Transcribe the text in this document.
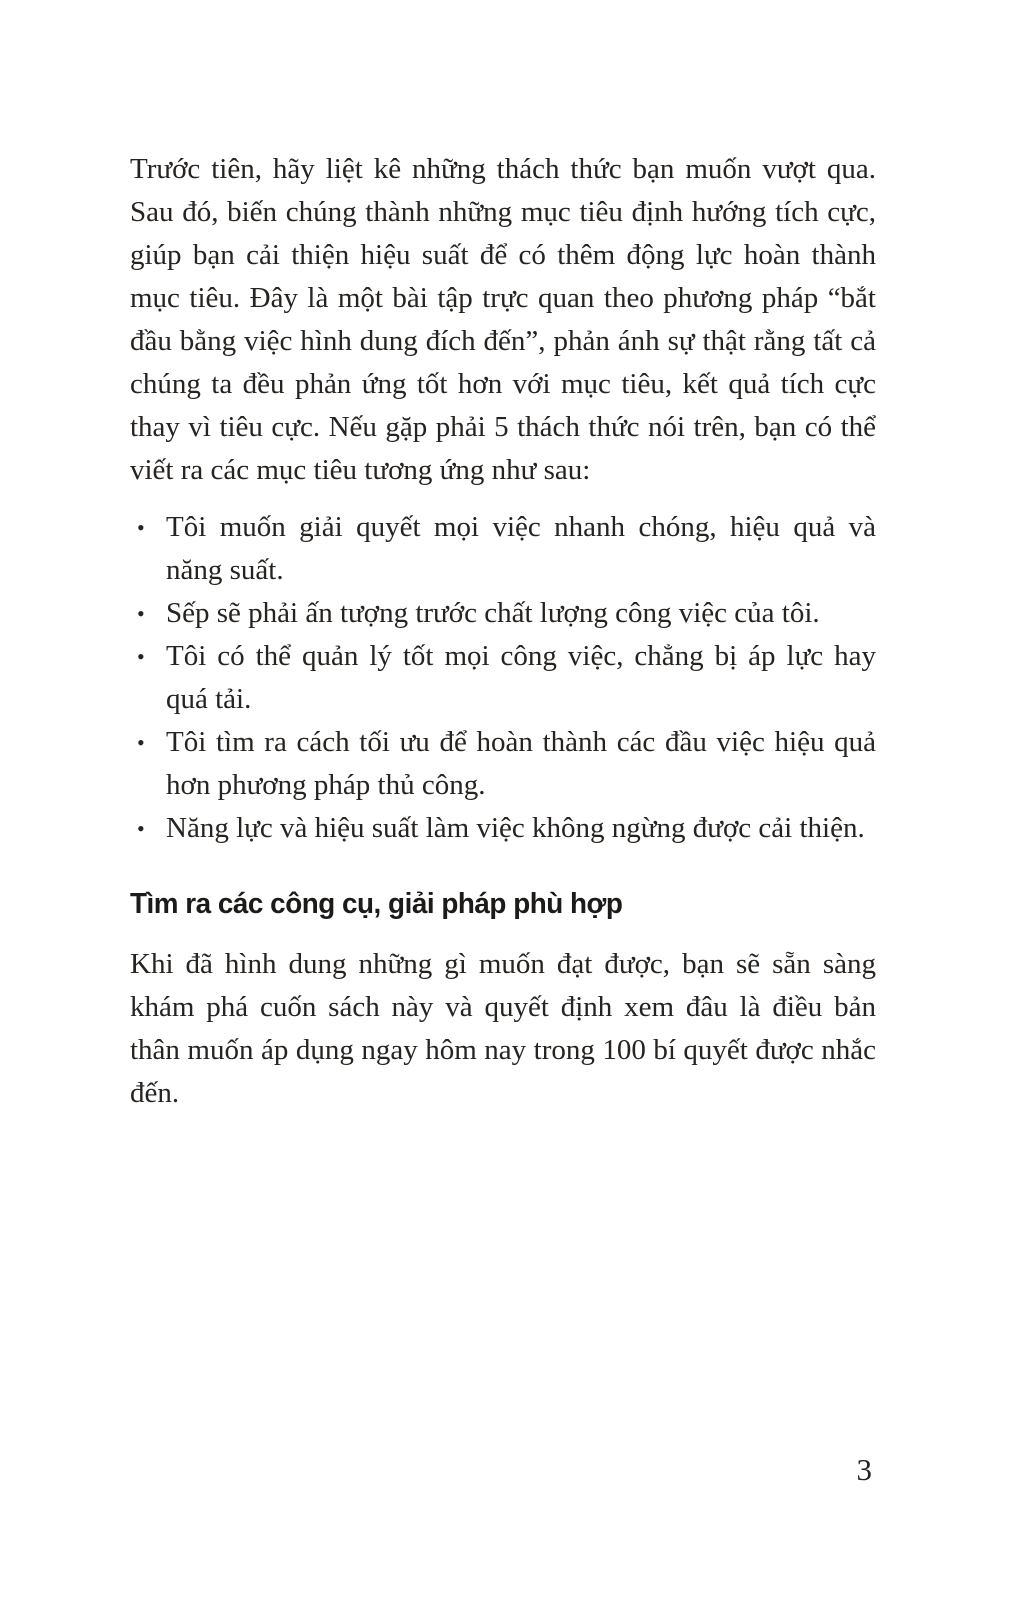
Trước tiên, hãy liệt kê những thách thức bạn muốn vượt qua. Sau đó, biến chúng thành những mục tiêu định hướng tích cực, giúp bạn cải thiện hiệu suất để có thêm động lực hoàn thành mục tiêu. Đây là một bài tập trực quan theo phương pháp “bắt đầu bằng việc hình dung đích đến”, phản ánh sự thật rằng tất cả chúng ta đều phản ứng tốt hơn với mục tiêu, kết quả tích cực thay vì tiêu cực. Nếu gặp phải 5 thách thức nói trên, bạn có thể viết ra các mục tiêu tương ứng như sau:

• Tôi muốn giải quyết mọi việc nhanh chóng, hiệu quả và năng suất.
• Sếp sẽ phải ấn tượng trước chất lượng công việc của tôi.
• Tôi có thể quản lý tốt mọi công việc, chẳng bị áp lực hay quá tải.
• Tôi tìm ra cách tối ưu để hoàn thành các đầu việc hiệu quả hơn phương pháp thủ công.
• Năng lực và hiệu suất làm việc không ngừng được cải thiện.
Tìm ra các công cụ, giải pháp phù hợp

Khi đã hình dung những gì muốn đạt được, bạn sẽ sẵn sàng khám phá cuốn sách này và quyết định xem đâu là điều bản thân muốn áp dụng ngay hôm nay trong 100 bí quyết được nhắc đến.

3
